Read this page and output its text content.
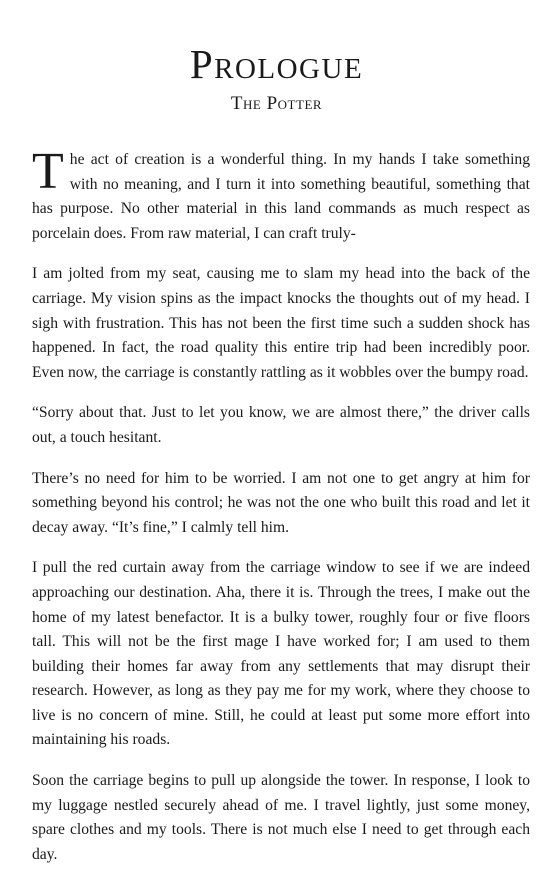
Prologue
The Potter

The act of creation is a wonderful thing. In my hands I take something with no meaning, and I turn it into something beautiful, something that has purpose. No other material in this land commands as much respect as porcelain does. From raw material, I can craft truly-

I am jolted from my seat, causing me to slam my head into the back of the carriage. My vision spins as the impact knocks the thoughts out of my head. I sigh with frustration. This has not been the first time such a sudden shock has happened. In fact, the road quality this entire trip had been incredibly poor. Even now, the carriage is constantly rattling as it wobbles over the bumpy road.

“Sorry about that. Just to let you know, we are almost there,” the driver calls out, a touch hesitant.

There’s no need for him to be worried. I am not one to get angry at him for something beyond his control; he was not the one who built this road and let it decay away. “It’s fine,” I calmly tell him.

I pull the red curtain away from the carriage window to see if we are indeed approaching our destination. Aha, there it is. Through the trees, I make out the home of my latest benefactor. It is a bulky tower, roughly four or five floors tall. This will not be the first mage I have worked for; I am used to them building their homes far away from any settlements that may disrupt their research. However, as long as they pay me for my work, where they choose to live is no concern of mine. Still, he could at least put some more effort into maintaining his roads.

Soon the carriage begins to pull up alongside the tower. In response, I look to my luggage nestled securely ahead of me. I travel lightly, just some money, spare clothes and my tools. There is not much else I need to get through each day.
